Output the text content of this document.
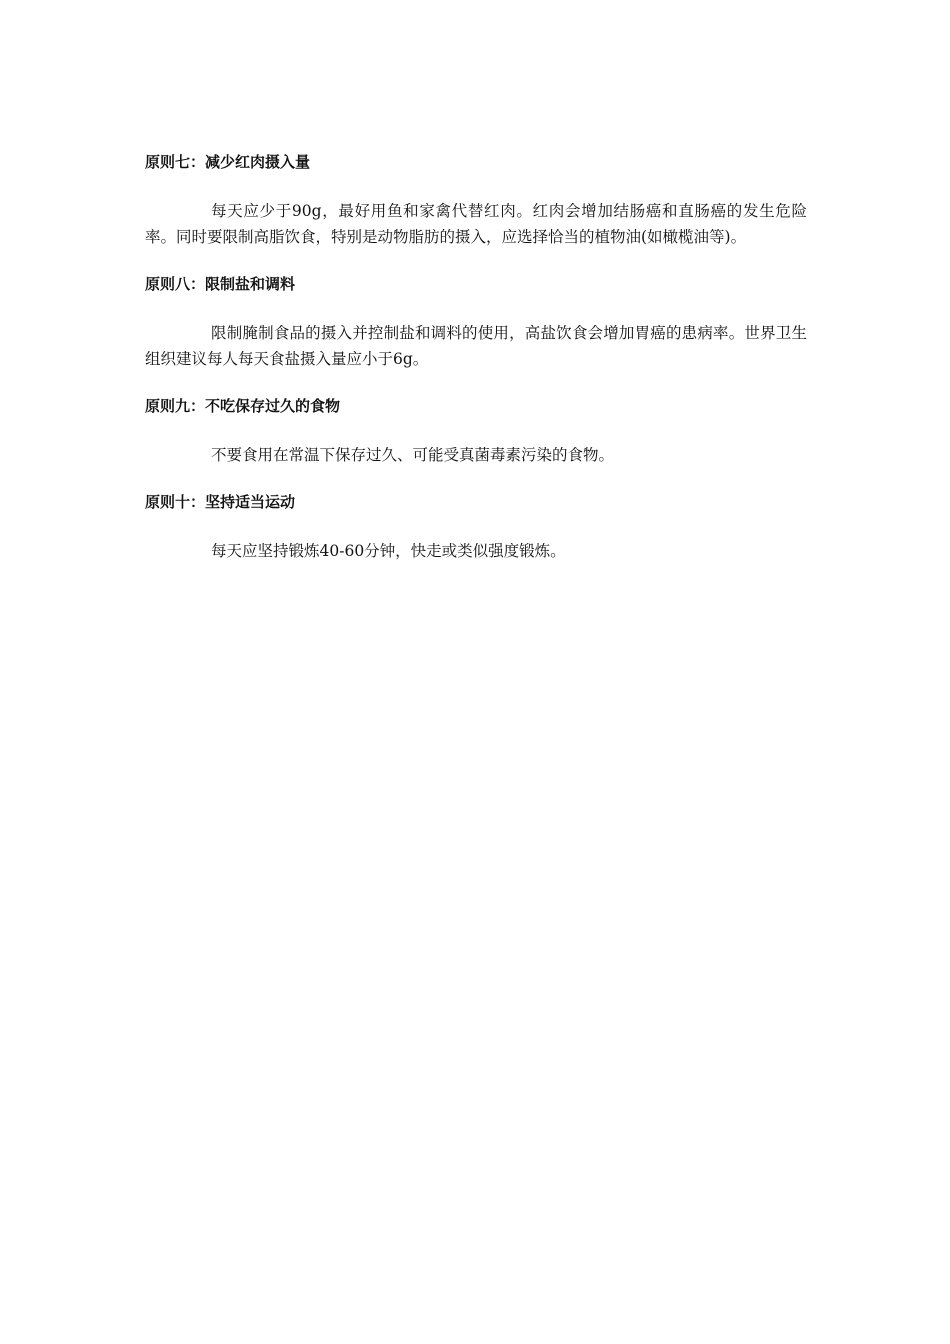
原则七：减少红肉摄入量

每天应少于90g，最好用鱼和家禽代替红肉。红肉会增加结肠癌和直肠癌的发生危险率。同时要限制高脂饮食，特别是动物脂肪的摄入，应选择恰当的植物油(如橄榄油等)。

原则八：限制盐和调料

限制腌制食品的摄入并控制盐和调料的使用，高盐饮食会增加胃癌的患病率。世界卫生组织建议每人每天食盐摄入量应小于6g。

原则九：不吃保存过久的食物

不要食用在常温下保存过久、可能受真菌毒素污染的食物。

原则十：坚持适当运动

每天应坚持锻炼40-60分钟，快走或类似强度锻炼。
